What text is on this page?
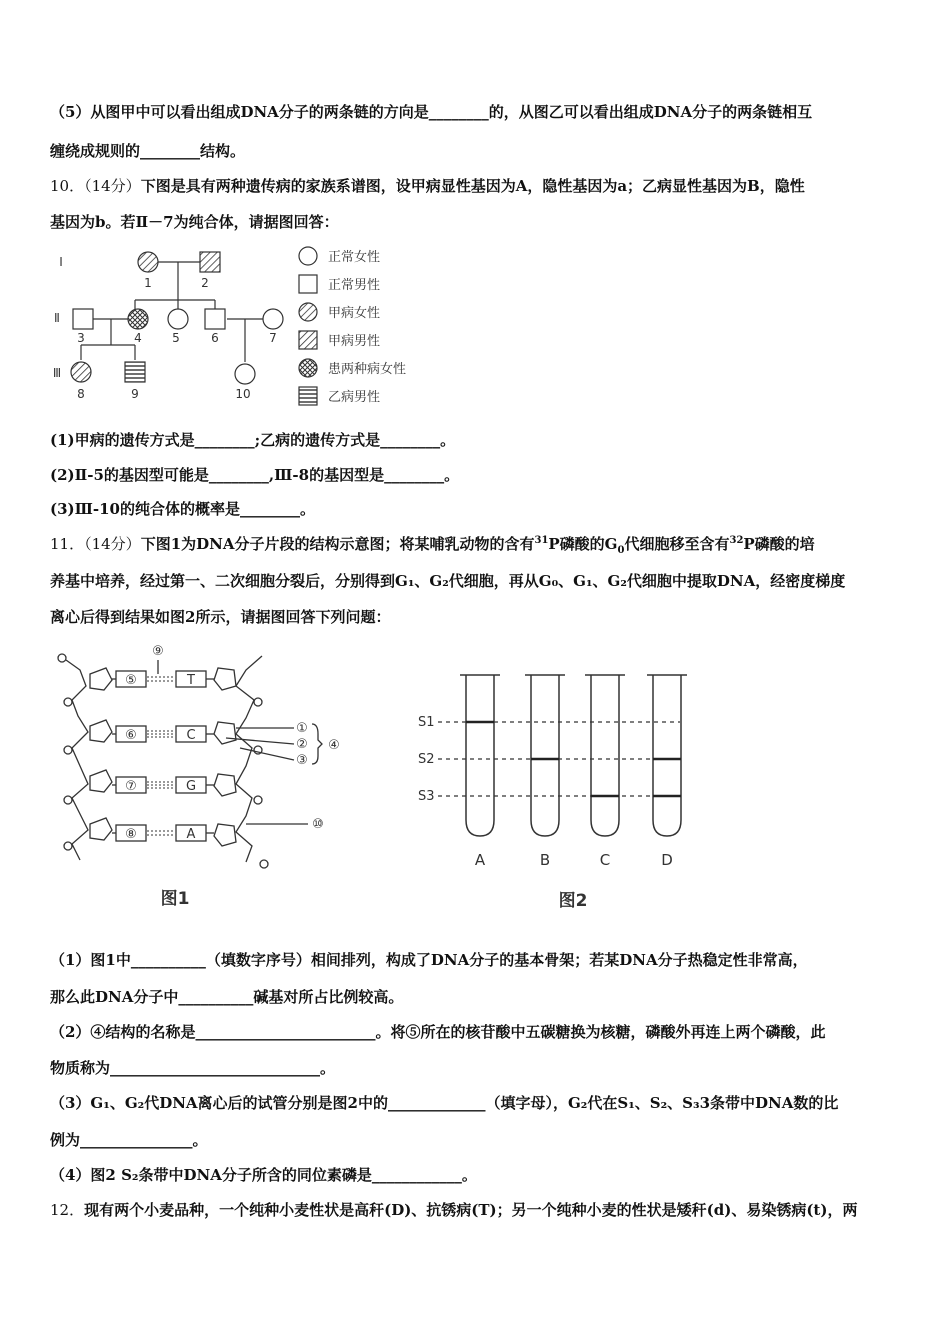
（5）从图甲中可以看出组成DNA分子的两条链的方向是________的，从图乙可以看出组成DNA分子的两条链相互
缠绕成规则的________结构。
10．（14分）下图是具有两种遗传病的家族系谱图，设甲病显性基因为A，隐性基因为a；乙病显性基因为B，隐性
基因为b。若Ⅱ－7为纯合体，请据图回答：
Ⅰ
Ⅱ
Ⅲ
1	2
3	4	5	6	7
8	9	10
正常女性
正常男性
甲病女性
甲病男性
患两种病女性
乙病男性
(1)甲病的遗传方式是________;乙病的遗传方式是________。
(2)Ⅱ-5的基因型可能是________,Ⅲ-8的基因型是________。
(3)Ⅲ-10的纯合体的概率是________。
11．（14分）下图1为DNA分子片段的结构示意图；将某哺乳动物的含有$^{31}$P磷酸的$G_0$代细胞移至含有$^{32}$P磷酸的培
养基中培养，经过第一、二次细胞分裂后，分别得到G₁、G₂代细胞，再从G₀、G₁、G₂代细胞中提取DNA，经密度梯度
离心后得到结果如图2所示，请据图回答下列问题：
⑨
⑤	T
⑥	C
⑦	G
⑧	A
①
②
③
④
⑩
图1
S1
S2
S3
A	B	C	D
图2
（1）图1中__________（填数字序号）相间排列，构成了DNA分子的基本骨架；若某DNA分子热稳定性非常高，
那么此DNA分子中__________碱基对所占比例较高。
（2）④结构的名称是________________________。将⑤所在的核苷酸中五碳糖换为核糖，磷酸外再连上两个磷酸，此
物质称为____________________________。
（3）G₁、G₂代DNA离心后的试管分别是图2中的_____________（填字母），G₂代在S₁、S₂、S₃3条带中DNA数的比
例为_______________。
（4）图2 S₂条带中DNA分子所含的同位素磷是____________。
12．现有两个小麦品种，一个纯种小麦性状是高秆(D)、抗锈病(T)；另一个纯种小麦的性状是矮秆(d)、易染锈病(t)，两
